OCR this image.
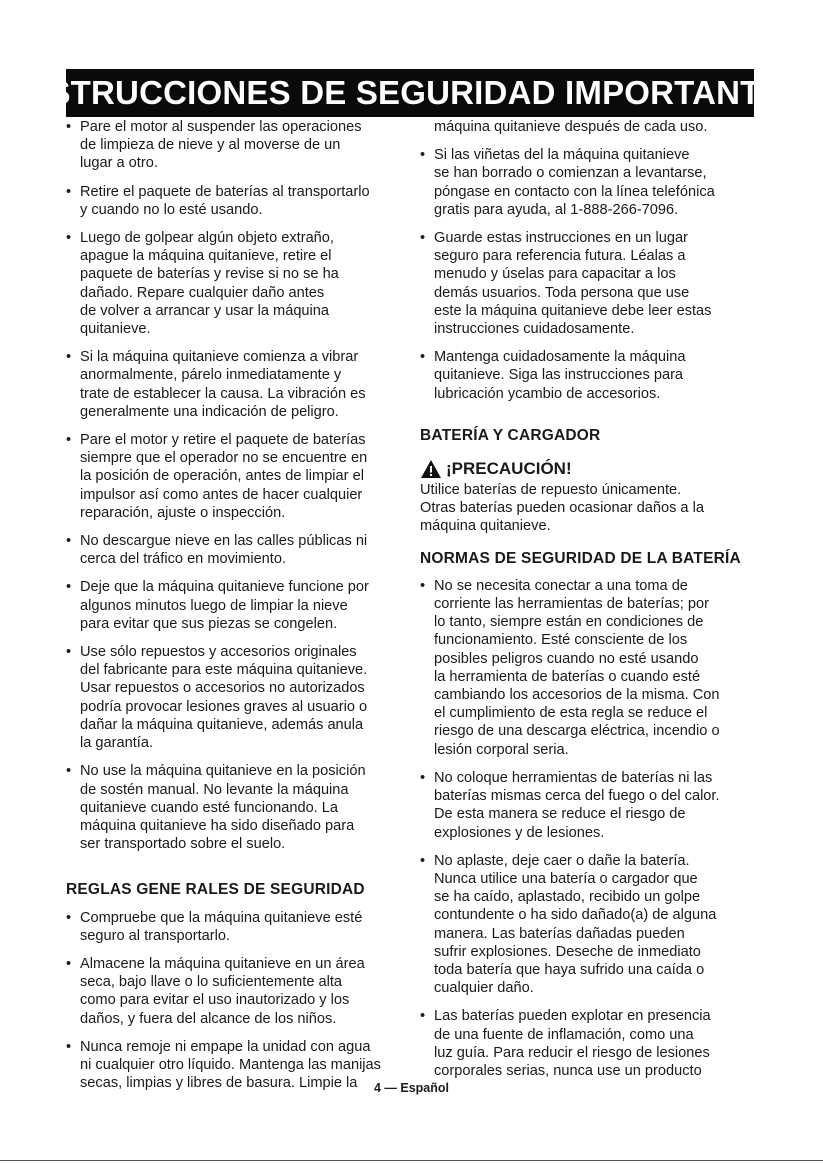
INSTRUCCIONES DE SEGURIDAD IMPORTANTES
• Pare el motor al suspender las operaciones
de limpieza de nieve y al moverse de un
lugar a otro.
• Retire el paquete de baterías al transportarlo
y cuando no lo esté usando.
• Luego de golpear algún objeto extraño,
apague la máquina quitanieve, retire el
paquete de baterías y revise si no se ha
dañado. Repare cualquier daño antes
de volver a arrancar y usar la máquina
quitanieve.
• Si la máquina quitanieve comienza a vibrar
anormalmente, párelo inmediatamente y
trate de establecer la causa. La vibración es
generalmente una indicación de peligro.
• Pare el motor y retire el paquete de baterías
siempre que el operador no se encuentre en
la posición de operación, antes de limpiar el
impulsor así como antes de hacer cualquier
reparación, ajuste o inspección.
• No descargue nieve en las calles públicas ni
cerca del tráfico en movimiento.
• Deje que la máquina quitanieve funcione por
algunos minutos luego de limpiar la nieve
para evitar que sus piezas se congelen.
• Use sólo repuestos y accesorios originales
del fabricante para este máquina quitanieve.
Usar repuestos o accesorios no autorizados
podría provocar lesiones graves al usuario o
dañar la máquina quitanieve, además anula
la garantía.
• No use la máquina quitanieve en la posición
de sostén manual. No levante la máquina
quitanieve cuando esté funcionando. La
máquina quitanieve ha sido diseñado para
ser transportado sobre el suelo.
REGLAS GENE RALES DE SEGURIDAD
• Compruebe que la máquina quitanieve esté
seguro al transportarlo.
• Almacene la máquina quitanieve en un área
seca, bajo llave o lo suficientemente alta
como para evitar el uso inautorizado y los
daños, y fuera del alcance de los niños.
• Nunca remoje ni empape la unidad con agua
ni cualquier otro líquido. Mantenga las manijas
secas, limpias y libres de basura. Limpie la
máquina quitanieve después de cada uso.
• Si las viñetas del la máquina quitanieve
se han borrado o comienzan a levantarse,
póngase en contacto con la línea telefónica
gratis para ayuda, al 1-888-266-7096.
• Guarde estas instrucciones en un lugar
seguro para referencia futura. Léalas a
menudo y úselas para capacitar a los
demás usuarios. Toda persona que use
este la máquina quitanieve debe leer estas
instrucciones cuidadosamente.
• Mantenga cuidadosamente la máquina
quitanieve. Siga las instrucciones para
lubricación ycambio de accesorios.
BATERÍA Y CARGADOR
¡PRECAUCIÓN!
Utilice baterías de repuesto únicamente.
Otras baterías pueden ocasionar daños a la
máquina quitanieve.
NORMAS DE SEGURIDAD DE LA BATERÍA
• No se necesita conectar a una toma de
corriente las herramientas de baterías; por
lo tanto, siempre están en condiciones de
funcionamiento. Esté consciente de los
posibles peligros cuando no esté usando
la herramienta de baterías o cuando esté
cambiando los accesorios de la misma. Con
el cumplimiento de esta regla se reduce el
riesgo de una descarga eléctrica, incendio o
lesión corporal seria.
• No coloque herramientas de baterías ni las
baterías mismas cerca del fuego o del calor.
De esta manera se reduce el riesgo de
explosiones y de lesiones.
• No aplaste, deje caer o dañe la batería.
Nunca utilice una batería o cargador que
se ha caído, aplastado, recibido un golpe
contundente o ha sido dañado(a) de alguna
manera. Las baterías dañadas pueden
sufrir explosiones. Deseche de inmediato
toda batería que haya sufrido una caída o
cualquier daño.
• Las baterías pueden explotar en presencia
de una fuente de inflamación, como una
luz guía. Para reducir el riesgo de lesiones
corporales serias, nunca use un producto
4 — Español
